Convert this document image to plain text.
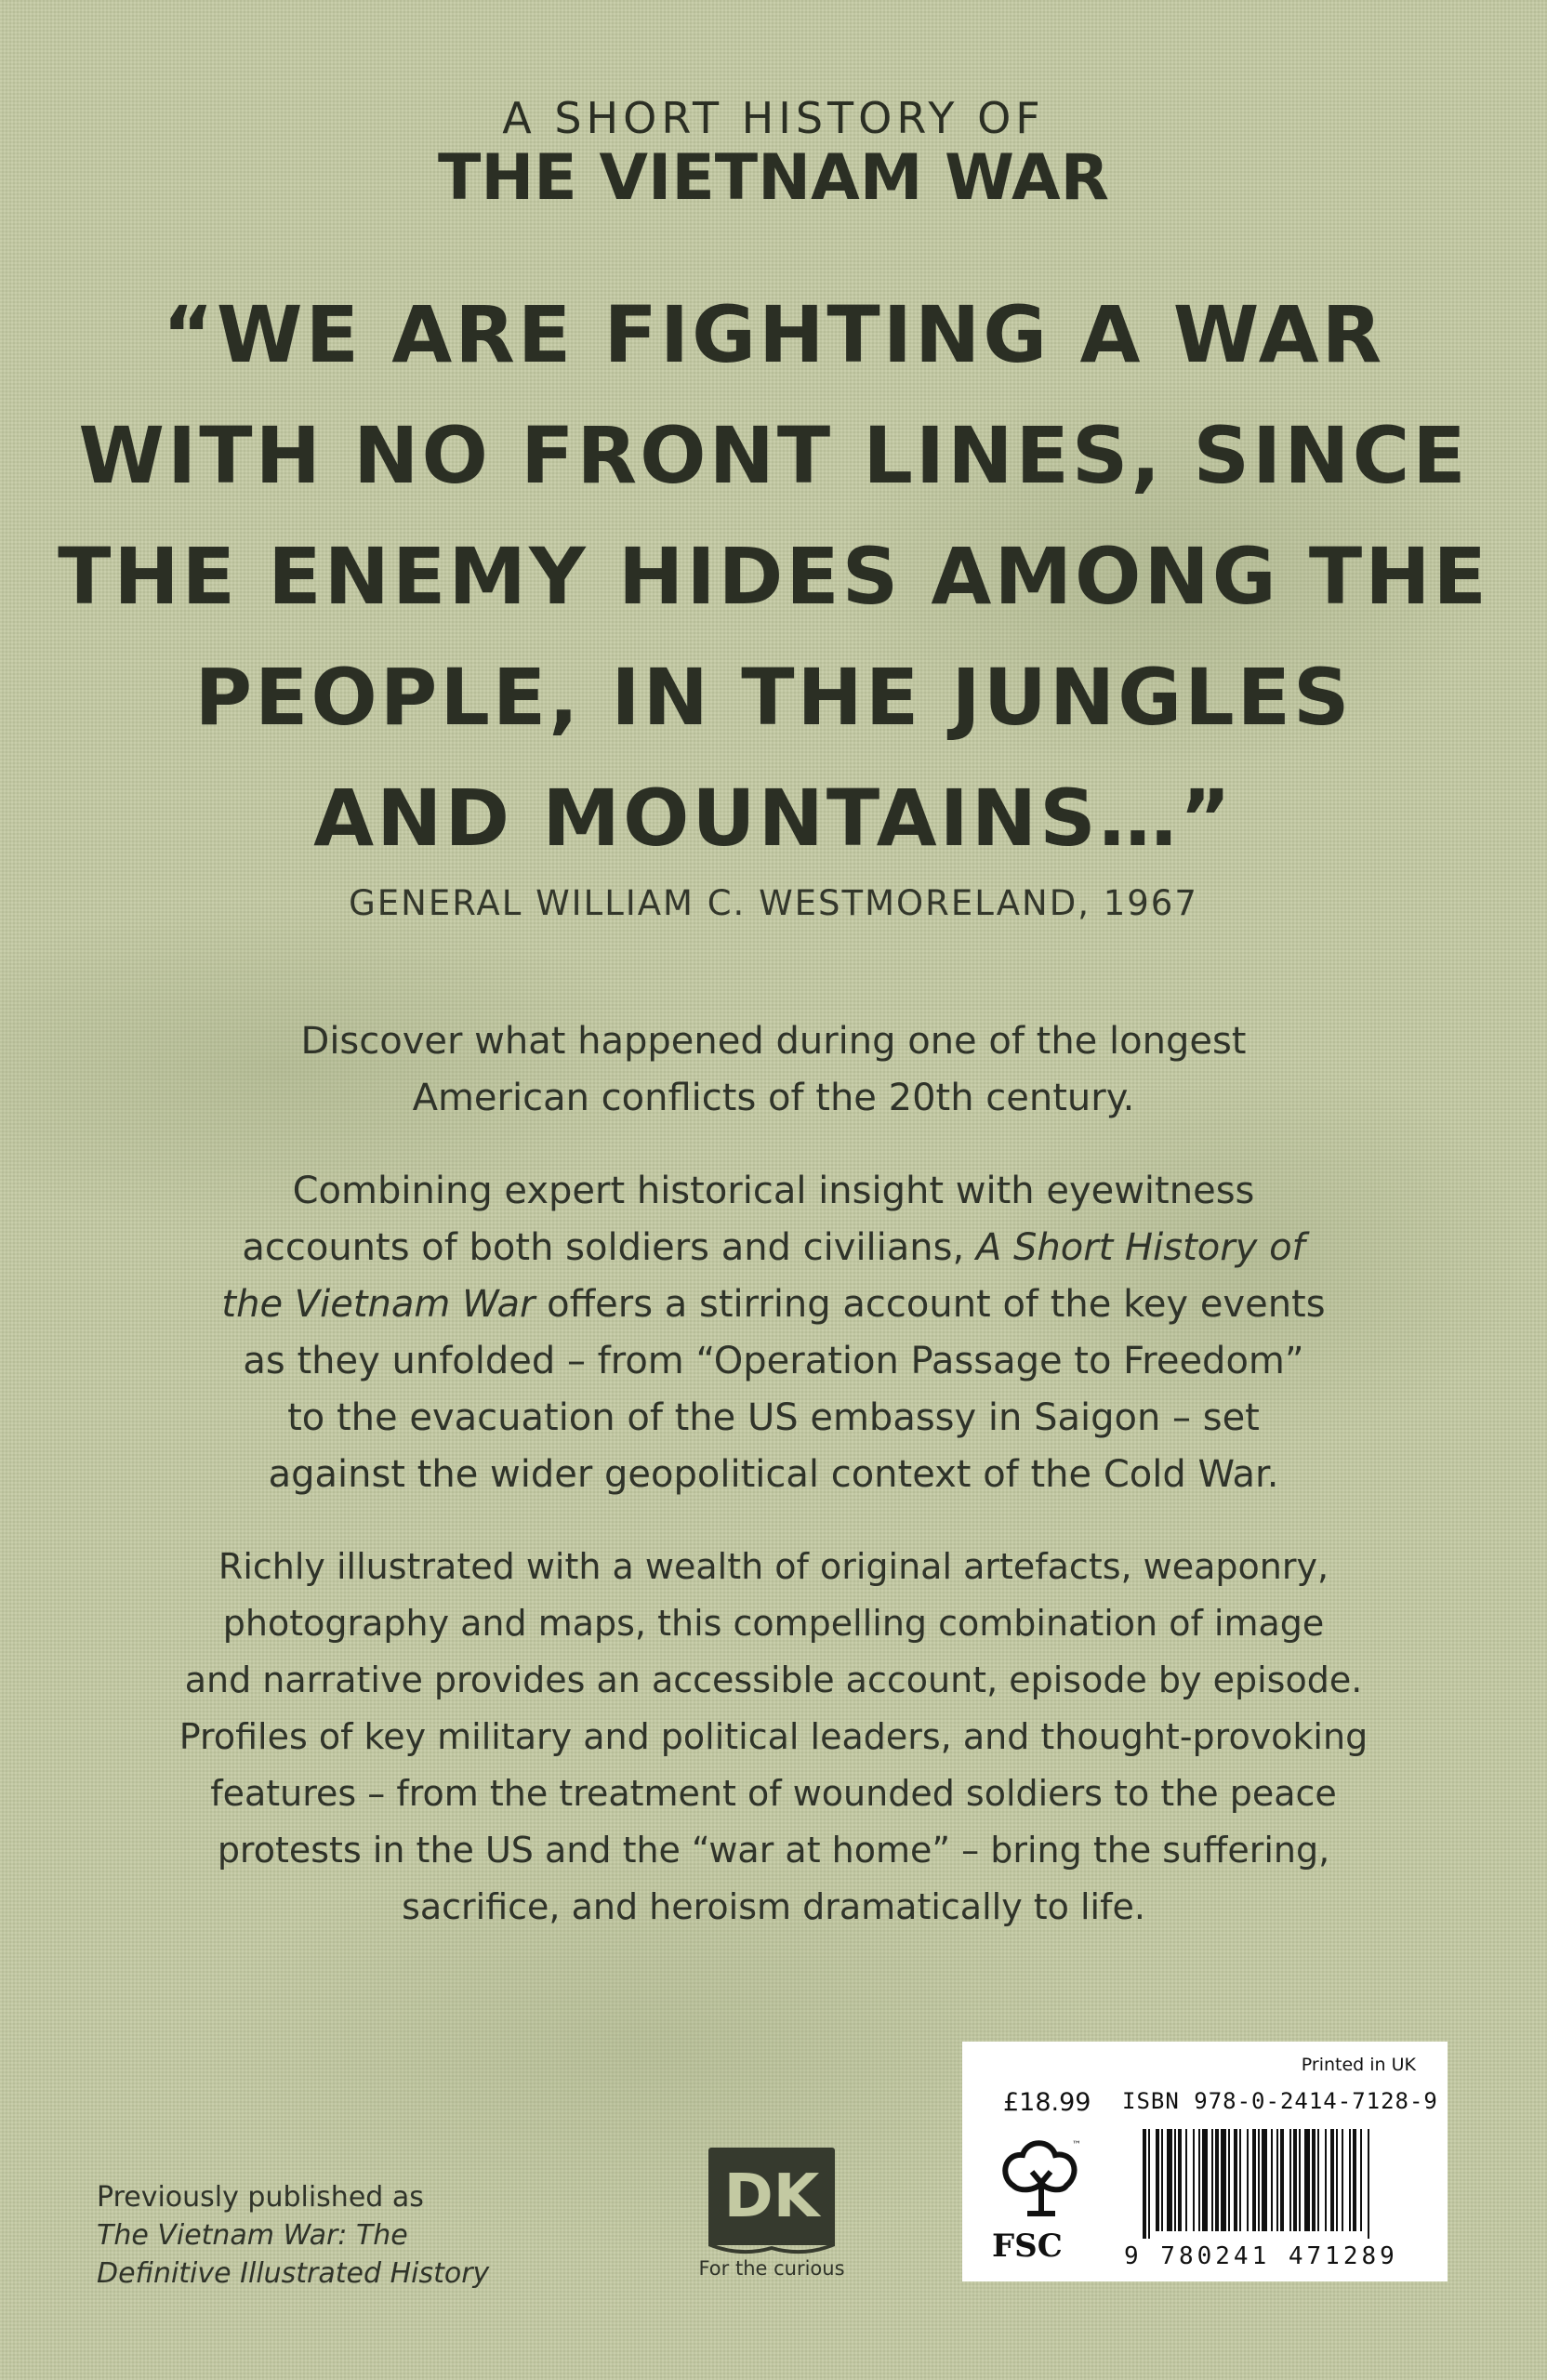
A SHORT HISTORY OF
THE VIETNAM WAR
“WE ARE FIGHTING A WAR
WITH NO FRONT LINES, SINCE
THE ENEMY HIDES AMONG THE
PEOPLE, IN THE JUNGLES
AND MOUNTAINS…”
GENERAL WILLIAM C. WESTMORELAND, 1967
Discover what happened during one of the longest
American conflicts of the 20th century.
Combining expert historical insight with eyewitness
accounts of both soldiers and civilians, A Short History of
the Vietnam War offers a stirring account of the key events
as they unfolded – from “Operation Passage to Freedom”
to the evacuation of the US embassy in Saigon – set
against the wider geopolitical context of the Cold War.
Richly illustrated with a wealth of original artefacts, weaponry,
photography and maps, this compelling combination of image
and narrative provides an accessible account, episode by episode.
Profiles of key military and political leaders, and thought-provoking
features – from the treatment of wounded soldiers to the peace
protests in the US and the “war at home” – bring the suffering,
sacrifice, and heroism dramatically to life.
Previously published as
The Vietnam War: The
Definitive Illustrated History
DK
For the curious
Printed in UK
£18.99 ISBN 978-0-2414-7128-9
™
FSC	9 780241 471289
